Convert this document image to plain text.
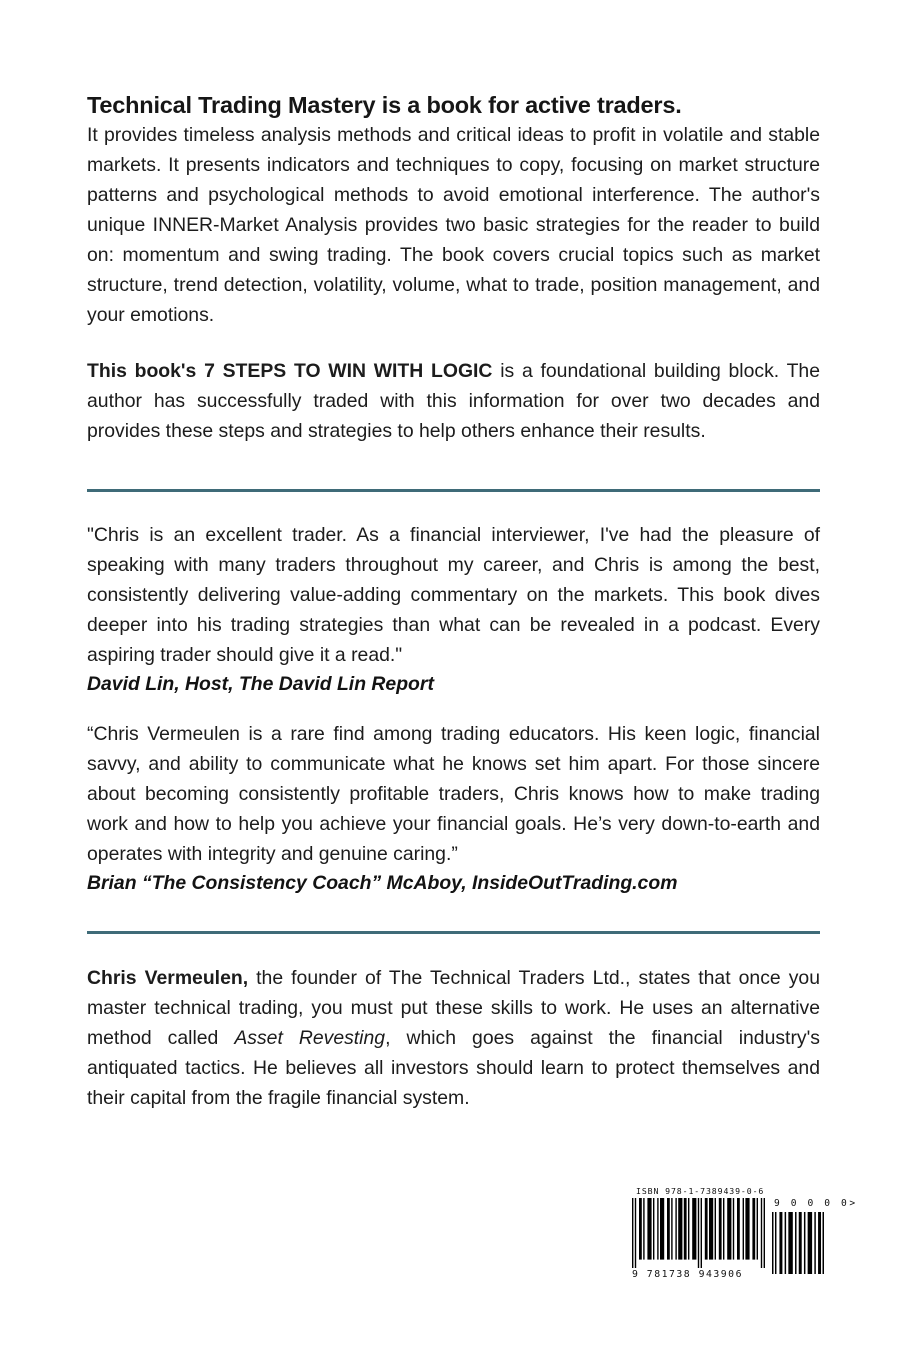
Technical Trading Mastery is a book for active traders.

It provides timeless analysis methods and critical ideas to profit in volatile and stable markets. It presents indicators and techniques to copy, focusing on market structure patterns and psychological methods to avoid emotional interference. The author's unique INNER-Market Analysis provides two basic strategies for the reader to build on: momentum and swing trading. The book covers crucial topics such as market structure, trend detection, volatility, volume, what to trade, position management, and your emotions.

This book's 7 STEPS TO WIN WITH LOGIC is a foundational building block. The author has successfully traded with this information for over two decades and provides these steps and strategies to help others enhance their results.

"Chris is an excellent trader. As a financial interviewer, I've had the pleasure of speaking with many traders throughout my career, and Chris is among the best, consistently delivering value-adding commentary on the markets. This book dives deeper into his trading strategies than what can be revealed in a podcast. Every aspiring trader should give it a read."

David Lin, Host, The David Lin Report

“Chris Vermeulen is a rare find among trading educators. His keen logic, financial savvy, and ability to communicate what he knows set him apart. For those sincere about becoming consistently profitable traders, Chris knows how to make trading work and how to help you achieve your financial goals. He’s very down-to-earth and operates with integrity and genuine caring.”

Brian “The Consistency Coach” McAboy, InsideOutTrading.com

Chris Vermeulen, the founder of The Technical Traders Ltd., states that once you master technical trading, you must put these skills to work. He uses an alternative method called Asset Revesting, which goes against the financial industry's antiquated tactics. He believes all investors should learn to protect themselves and their capital from the fragile financial system.

ISBN 978-1-7389439-0-6
9 781738 943906
9 0 0 0 0>
